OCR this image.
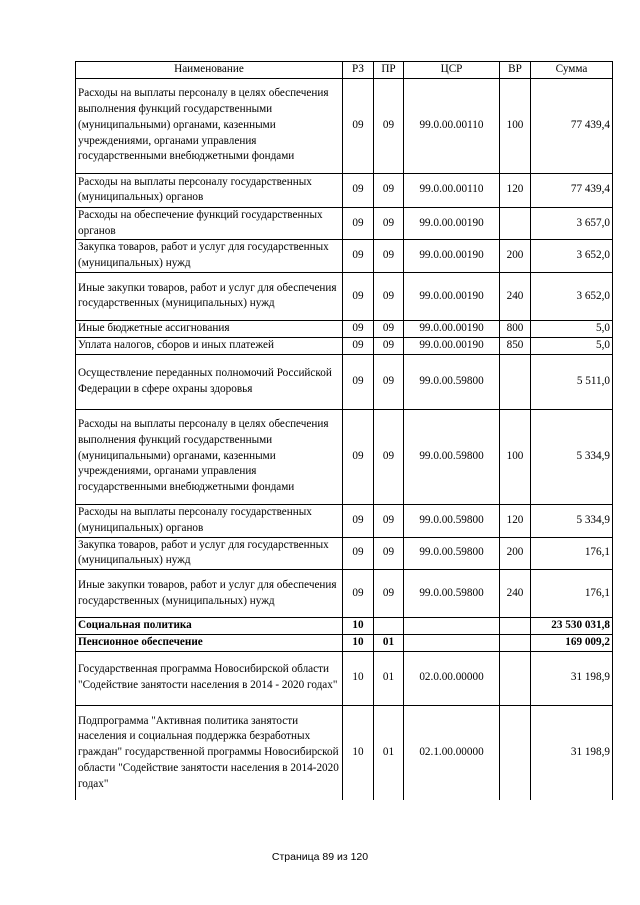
Наименование	РЗ	ПР	ЦСР	ВР	Сумма
Расходы на выплаты персоналу в целях обеспечения выполнения функций государственными (муниципальными) органами, казенными учреждениями, органами управления государственными внебюджетными фондами	09	09	99.0.00.00110	100	77 439,4
Расходы на выплаты персоналу государственных (муниципальных) органов	09	09	99.0.00.00110	120	77 439,4
Расходы на обеспечение функций государственных органов	09	09	99.0.00.00190		3 657,0
Закупка товаров, работ и услуг для государственных (муниципальных) нужд	09	09	99.0.00.00190	200	3 652,0
Иные закупки товаров, работ и услуг для обеспечения государственных (муниципальных) нужд	09	09	99.0.00.00190	240	3 652,0
Иные бюджетные ассигнования	09	09	99.0.00.00190	800	5,0
Уплата налогов, сборов и иных платежей	09	09	99.0.00.00190	850	5,0
Осуществление переданных полномочий Российской Федерации в сфере охраны здоровья	09	09	99.0.00.59800		5 511,0
Расходы на выплаты персоналу в целях обеспечения выполнения функций государственными (муниципальными) органами, казенными учреждениями, органами управления государственными внебюджетными фондами	09	09	99.0.00.59800	100	5 334,9
Расходы на выплаты персоналу государственных (муниципальных) органов	09	09	99.0.00.59800	120	5 334,9
Закупка товаров, работ и услуг для государственных (муниципальных) нужд	09	09	99.0.00.59800	200	176,1
Иные закупки товаров, работ и услуг для обеспечения государственных (муниципальных) нужд	09	09	99.0.00.59800	240	176,1
Социальная политика	10				23 530 031,8
Пенсионное обеспечение	10	01			169 009,2
Государственная программа Новосибирской области "Содействие занятости населения в 2014 - 2020 годах"	10	01	02.0.00.00000		31 198,9
Подпрограмма "Активная политика занятости населения и социальная поддержка безработных граждан" государственной программы Новосибирской области "Содействие занятости населения в 2014-2020 годах"	10	01	02.1.00.00000		31 198,9
Страница 89 из 120
